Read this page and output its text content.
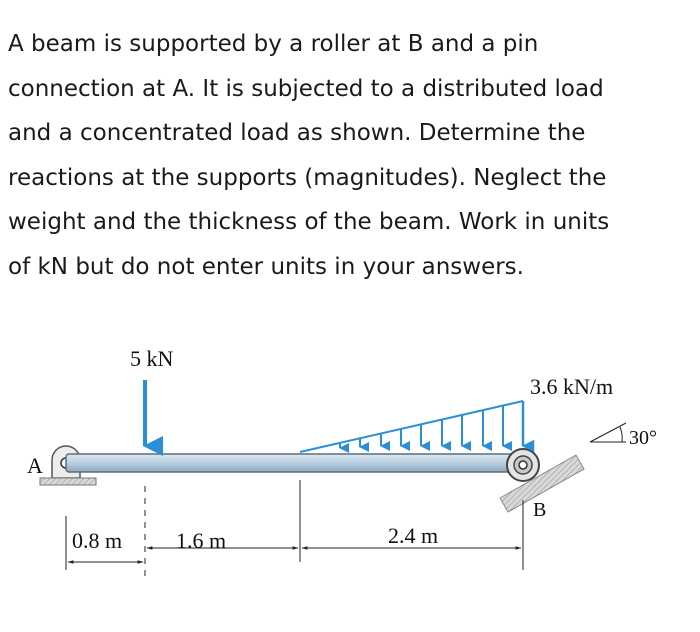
A beam is supported by a roller at B and a pin
connection at A. It is subjected to a distributed load
and a concentrated load as shown. Determine the
reactions at the supports (magnitudes). Neglect the
weight and the thickness of the beam. Work in units
of kN but do not enter units in your answers.
A
B
30°
5 kN
3.6 kN/m
0.8 m 1.6 m	2.4 m
